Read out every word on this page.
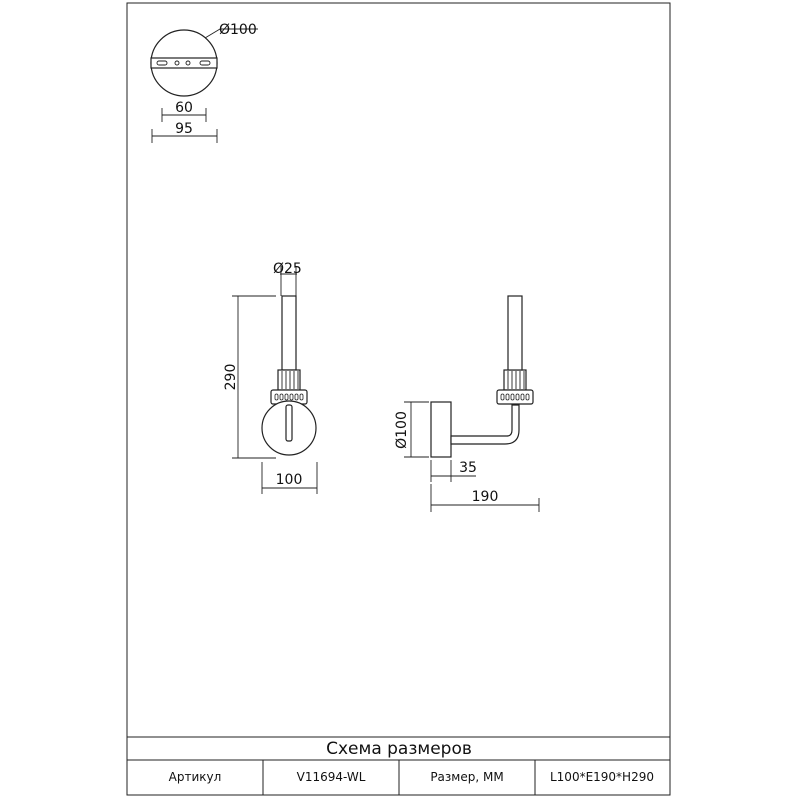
Ø100
60
95
Ø25
290
100
Ø100
35
190
Схема размеров
Артикул	V11694-WL	Размер, ММ	L100*E190*H290
